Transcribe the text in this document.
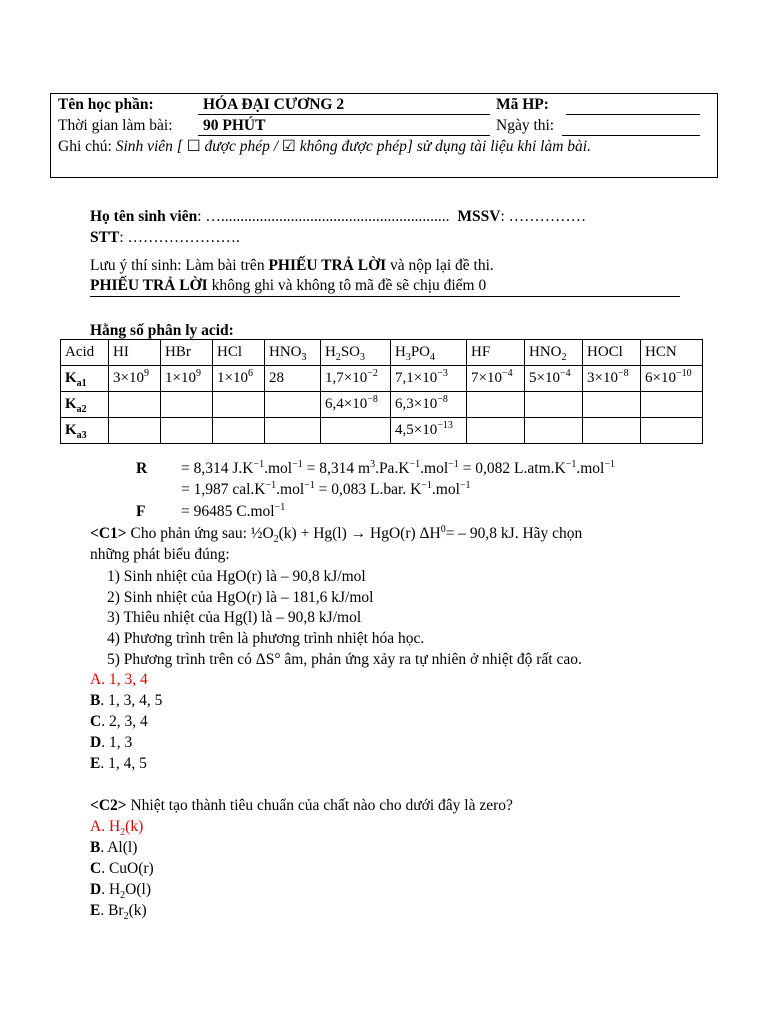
Tên học phần:	HÓA ĐẠI CƯƠNG 2	Mã HP:
Thời gian làm bài: 90 PHÚT	Ngày thi:
Ghi chú: Sinh viên [ ☐ được phép / ☑ không được phép] sử dụng tài liệu khi làm bài.
Họ tên sinh viên: …........................................................... MSSV: ……………
STT: ………………….
Lưu ý thí sinh: Làm bài trên PHIẾU TRẢ LỜI và nộp lại đề thi.
PHIẾU TRẢ LỜI không ghi và không tô mã đề sẽ chịu điểm 0
Hằng số phân ly acid:
Acid	HI	HBr	HCl	$HNO_3$	$H_2SO_3$	$H_3PO_4$	HF	$HNO_2$	HOCl	HCN
$K_{a1}$	$3\times 10^9$	$1\times 10^9$	$1\times 10^6$	28	$1,7\times 10^{-2}$	$7,1\times 10^{-3}$	$7\times 10^{-4}$	$5\times 10^{-4}$	$3\times 10^{-8}$	$6\times 10^{-10}$
$K_{a2}$					$6,4\times 10^{-8}$	$6,3\times 10^{-8}$				
$K_{a3}$						$4,5\times 10^{-13}$				
R = 8,314 $J.K^{-1}.mol^{-1} = 8,314$ $m^3.Pa.K^{-1}.mol^{-1} = 0,082$ $L.atm.K^{-1}.mol^{-1}$
= 1,987 $cal.K^{-1}.mol^{-1} = 0,083$ L.bar. $K^{-1}.mol^{-1}$
F = 96485 C.mol$^{-1}$
<C1> Cho phản ứng sau: $\frac{1}{2}O_2(k) + Hg(l) \to HgO(r)$ $\Delta H^0= - 90,8$ kJ. Hãy chọn
những phát biểu đúng:
1) Sinh nhiệt của HgO(r) là – 90,8 kJ/mol
2) Sinh nhiệt của HgO(r) là – 181,6 kJ/mol
3) Thiêu nhiệt của Hg(l) là – 90,8 kJ/mol
4) Phương trình trên là phương trình nhiệt hóa học.
5) Phương trình trên có ΔS° âm, phản ứng xảy ra tự nhiên ở nhiệt độ rất cao.
A. 1, 3, 4
B. 1, 3, 4, 5
C. 2, 3, 4
D. 1, 3
E. 1, 4, 5
<C2> Nhiệt tạo thành tiêu chuẩn của chất nào cho dưới đây là zero?
A. $H_2(k)$
B. Al(l)
C. CuO(r)
D. $H_2O(l)$
E. $Br_2(k)$
